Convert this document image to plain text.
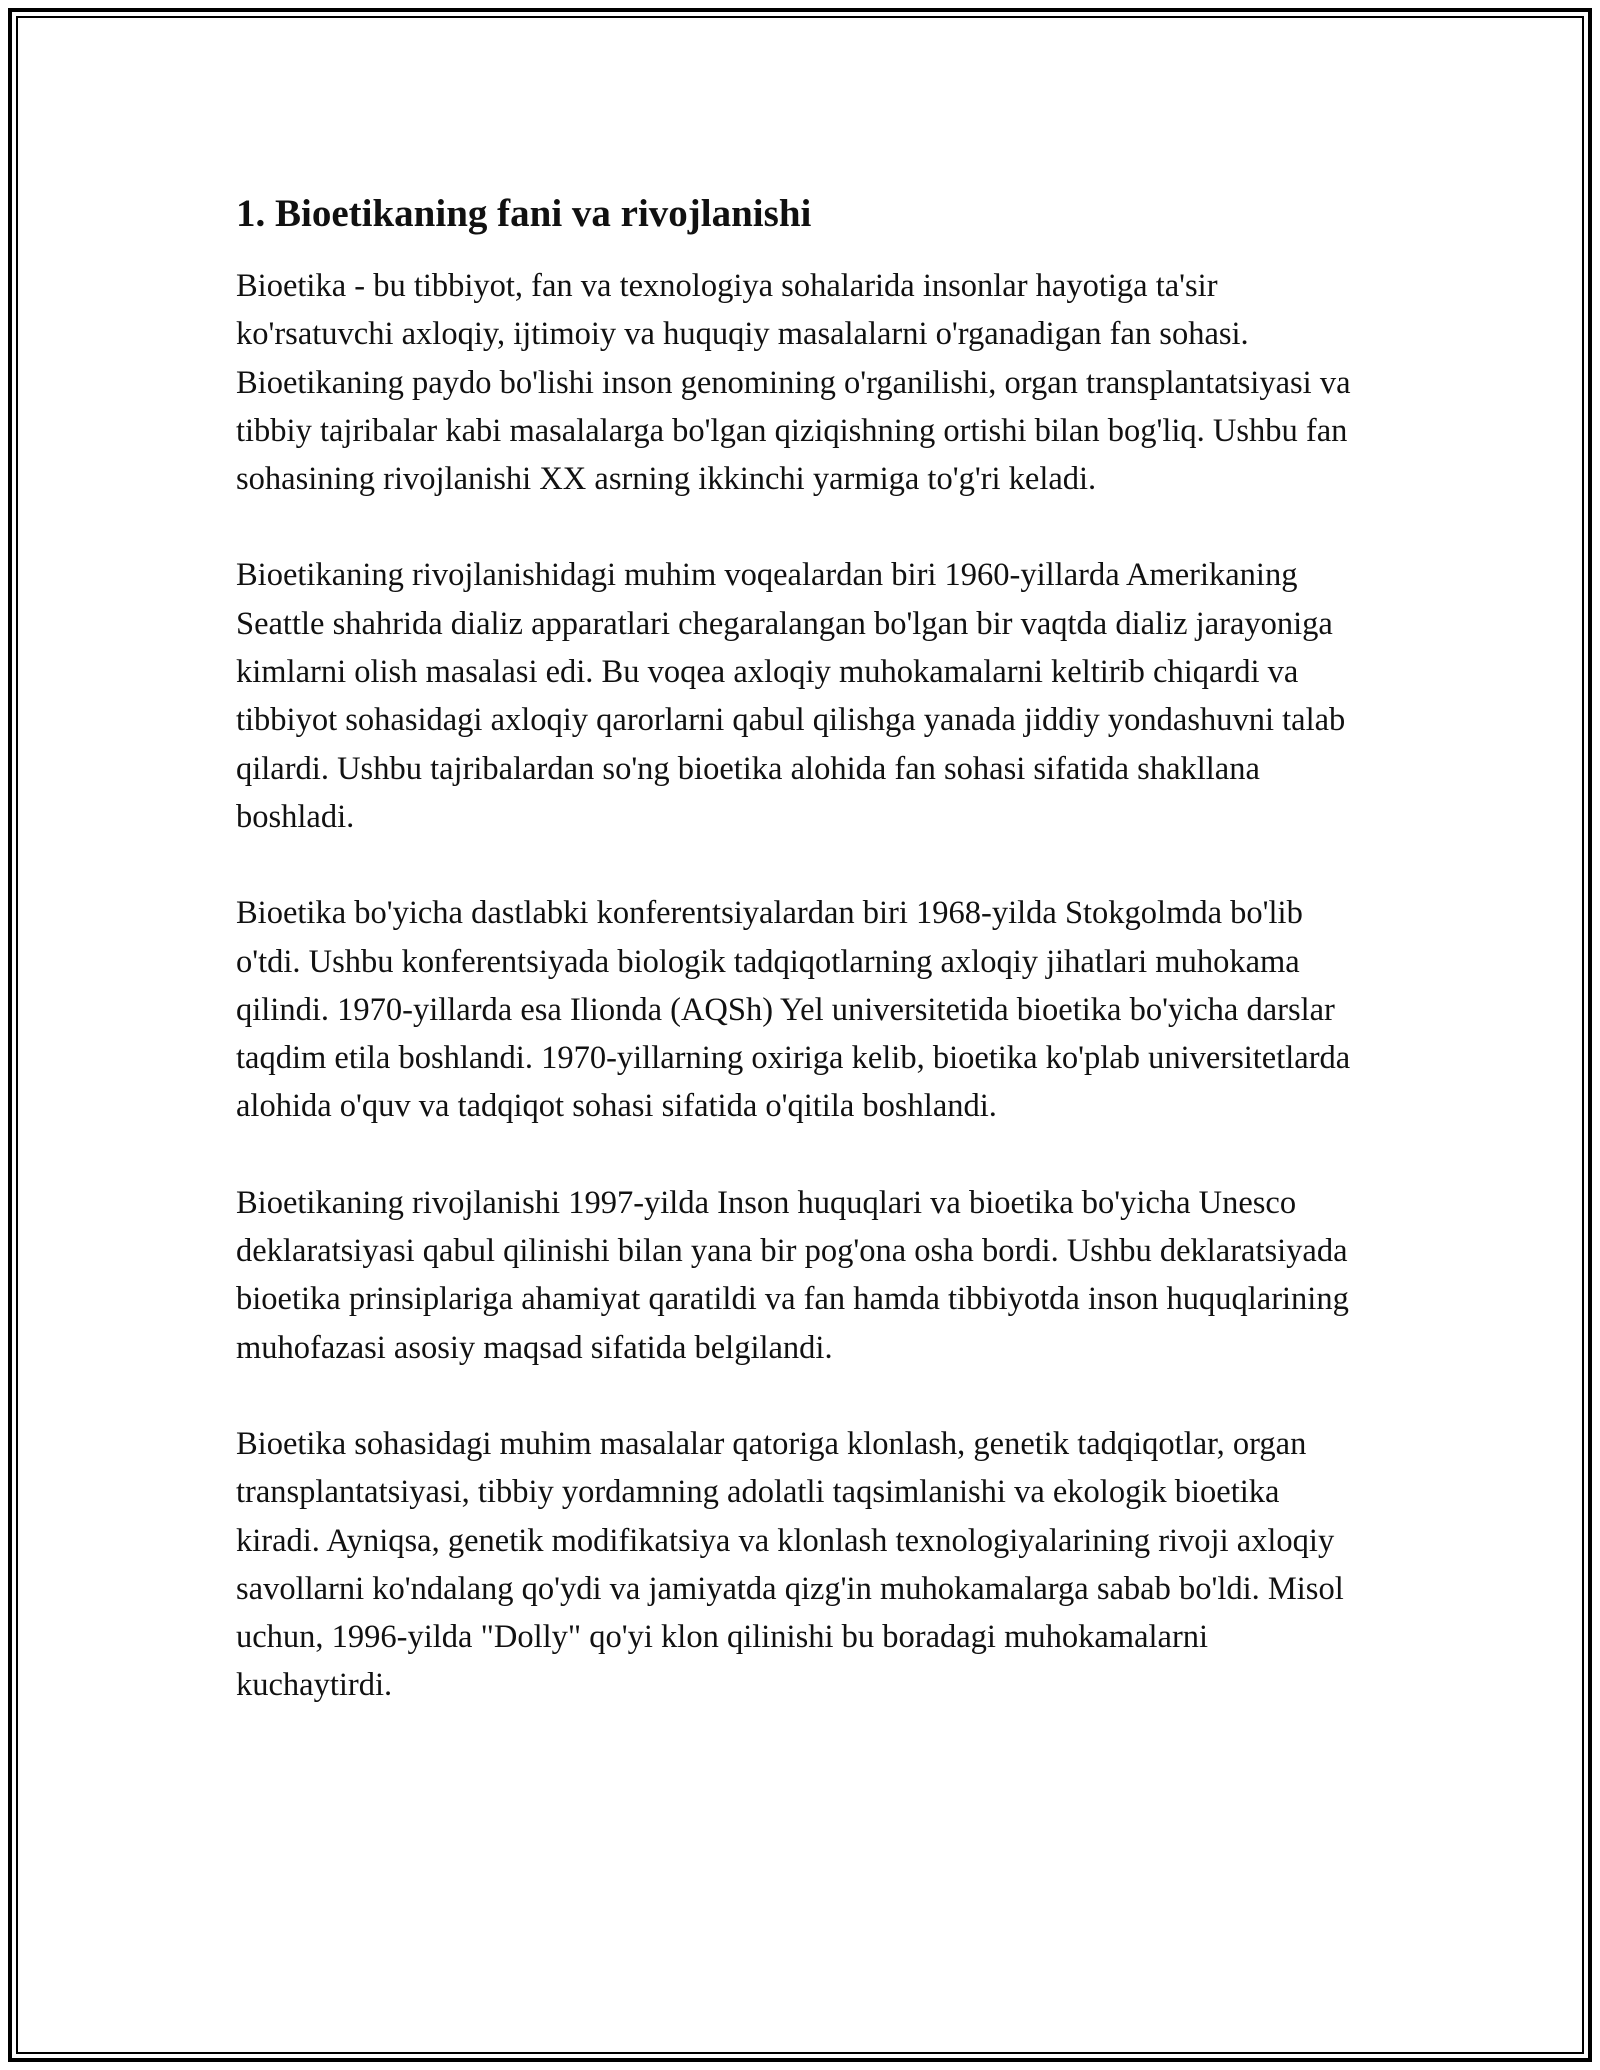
1. Bioetikaning fani va rivojlanishi

Bioetika - bu tibbiyot, fan va texnologiya sohalarida insonlar hayotiga ta'sir ko'rsatuvchi axloqiy, ijtimoiy va huquqiy masalalarni o'rganadigan fan sohasi. Bioetikaning paydo bo'lishi inson genomining o'rganilishi, organ transplantatsiyasi va tibbiy tajribalar kabi masalalarga bo'lgan qiziqishning ortishi bilan bog'liq. Ushbu fan sohasining rivojlanishi XX asrning ikkinchi yarmiga to'g'ri keladi.

Bioetikaning rivojlanishidagi muhim voqealardan biri 1960-yillarda Amerikaning Seattle shahrida dializ apparatlari chegaralangan bo'lgan bir vaqtda dializ jarayoniga kimlarni olish masalasi edi. Bu voqea axloqiy muhokamalarni keltirib chiqardi va tibbiyot sohasidagi axloqiy qarorlarni qabul qilishga yanada jiddiy yondashuvni talab qilardi. Ushbu tajribalardan so'ng bioetika alohida fan sohasi sifatida shakllana boshladi.

Bioetika bo'yicha dastlabki konferentsiyalardan biri 1968-yilda Stokgolmda bo'lib o'tdi. Ushbu konferentsiyada biologik tadqiqotlarning axloqiy jihatlari muhokama qilindi. 1970-yillarda esa Ilionda (AQSh) Yel universitetida bioetika bo'yicha darslar taqdim etila boshlandi. 1970-yillarning oxiriga kelib, bioetika ko'plab universitetlarda alohida o'quv va tadqiqot sohasi sifatida o'qitila boshlandi.

Bioetikaning rivojlanishi 1997-yilda Inson huquqlari va bioetika bo'yicha Unesco deklaratsiyasi qabul qilinishi bilan yana bir pog'ona osha bordi. Ushbu deklaratsiyada bioetika prinsiplariga ahamiyat qaratildi va fan hamda tibbiyotda inson huquqlarining muhofazasi asosiy maqsad sifatida belgilandi.

Bioetika sohasidagi muhim masalalar qatoriga klonlash, genetik tadqiqotlar, organ transplantatsiyasi, tibbiy yordamning adolatli taqsimlanishi va ekologik bioetika kiradi. Ayniqsa, genetik modifikatsiya va klonlash texnologiyalarining rivoji axloqiy savollarni ko'ndalang qo'ydi va jamiyatda qizg'in muhokamalarga sabab bo'ldi. Misol uchun, 1996-yilda "Dolly" qo'yi klon qilinishi bu boradagi muhokamalarni kuchaytirdi.
